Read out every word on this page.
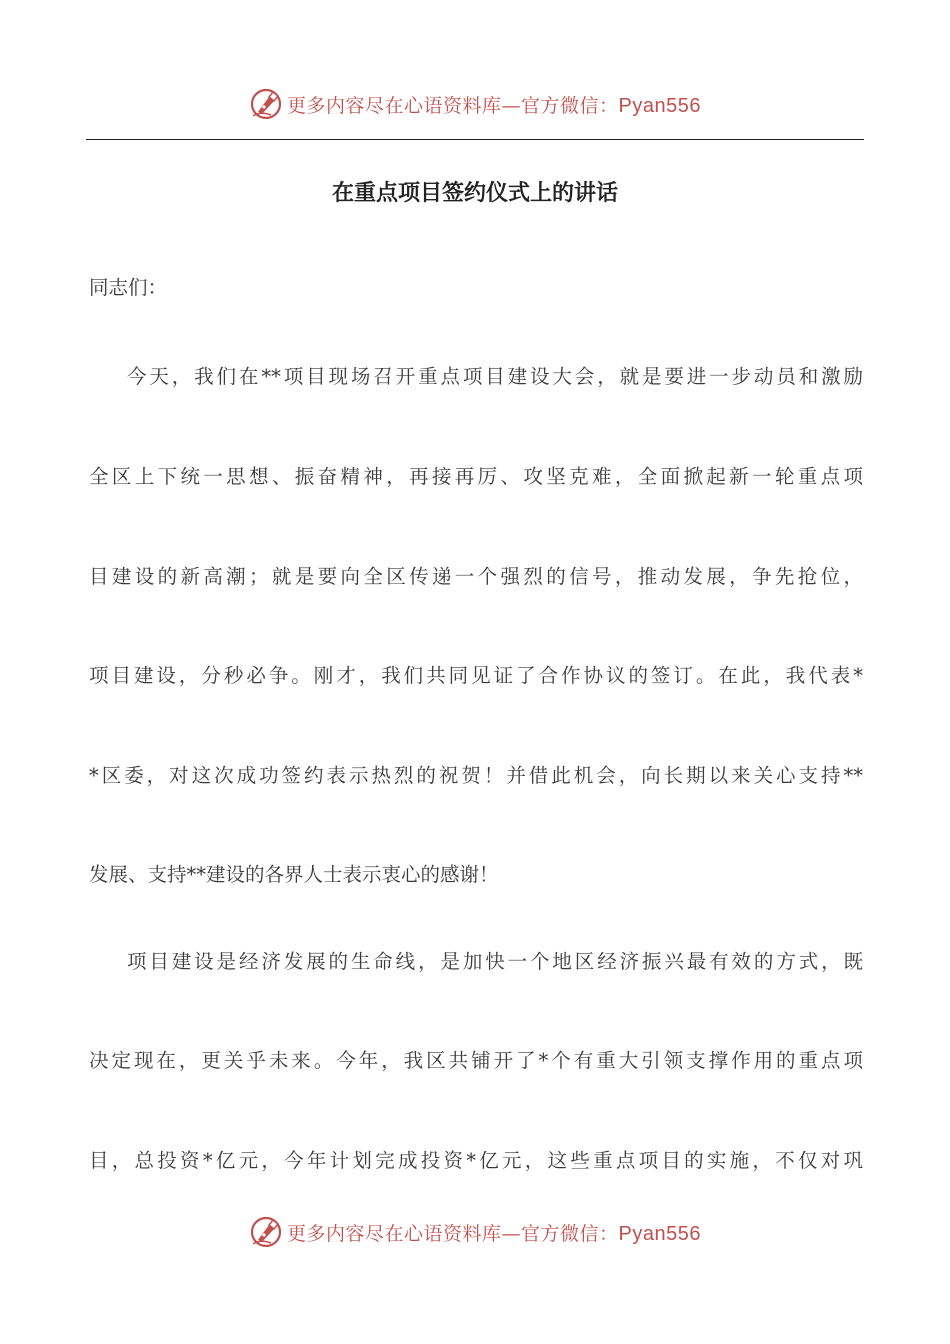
更多内容尽在心语资料库—官方微信：Pyan556
在重点项目签约仪式上的讲话

同志们：

今天，我们在**项目现场召开重点项目建设大会，就是要进一步动员和激励

全区上下统一思想、振奋精神，再接再厉、攻坚克难，全面掀起新一轮重点项

目建设的新高潮；就是要向全区传递一个强烈的信号，推动发展，争先抢位，

项目建设，分秒必争。刚才，我们共同见证了合作协议的签订。在此，我代表*

*区委，对这次成功签约表示热烈的祝贺！并借此机会，向长期以来关心支持**

发展、支持**建设的各界人士表示衷心的感谢！

项目建设是经济发展的生命线，是加快一个地区经济振兴最有效的方式，既

决定现在，更关乎未来。今年，我区共铺开了*个有重大引领支撑作用的重点项

目，总投资*亿元，今年计划完成投资*亿元，这些重点项目的实施，不仅对巩

更多内容尽在心语资料库—官方微信：Pyan556
